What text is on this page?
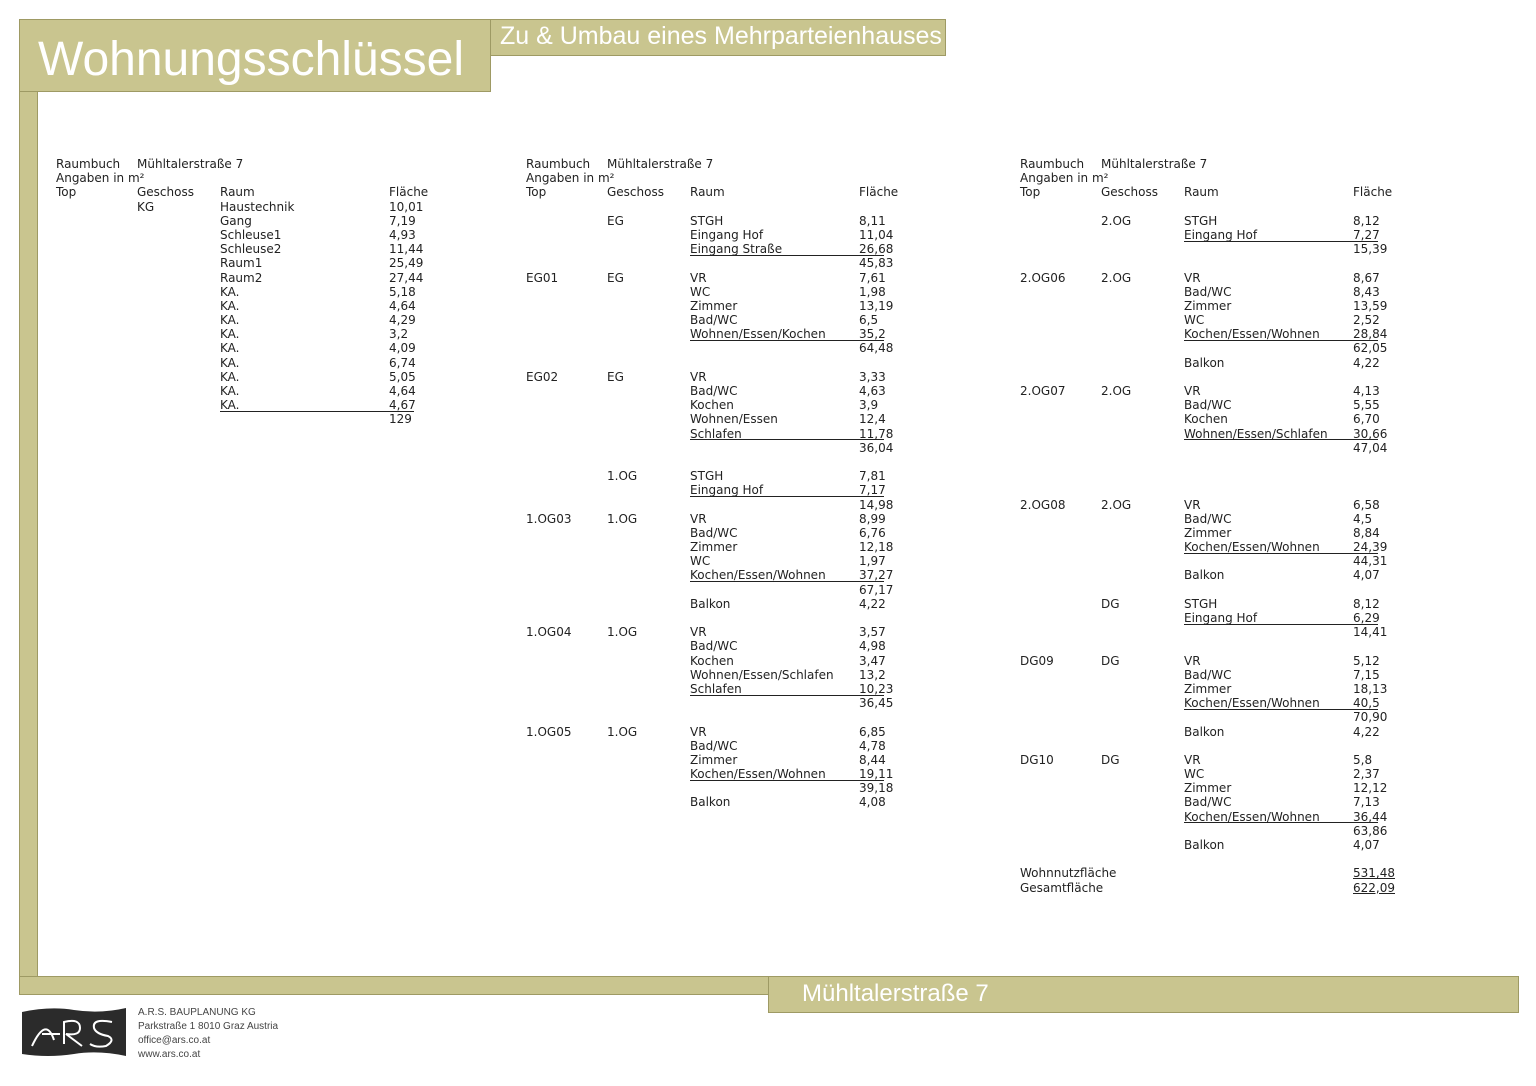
Wohnungsschlüssel Zu & Umbau eines Mehrparteienhauses
Mühltalerstraße 7
Raumbuch Mühltalerstraße 7
Angaben in m²
Top	Geschoss Raum	Fläche
KG	Haustechnik	10,01
Gang	7,19
Schleuse1	4,93
Schleuse2	11,44
Raum1	25,49
Raum2	27,44
KA.	5,18
KA.	4,64
KA.	4,29
KA.	3,2
KA.	4,09
KA.	6,74
KA.	5,05
KA.	4,64
KA.	4,67
129
Raumbuch Mühltalerstraße 7
Angaben in m²
Top	Geschoss Raum	Fläche
EG	STGH	8,11
Eingang Hof	11,04
Eingang Straße	26,68
45,83
EG01	EG	VR	7,61
WC	1,98
Zimmer	13,19
Bad/WC	6,5
Wohnen/Essen/Kochen	35,2
64,48
EG02	EG	VR	3,33
Bad/WC	4,63
Kochen	3,9
Wohnen/Essen	12,4
Schlafen	11,78
36,04
1.OG	STGH	7,81
Eingang Hof	7,17
14,98
1.OG03	1.OG	VR	8,99
Bad/WC	6,76
Zimmer	12,18
WC	1,97
Kochen/Essen/Wohnen	37,27
67,17
Balkon	4,22
1.OG04	1.OG	VR	3,57
Bad/WC	4,98
Kochen	3,47
Wohnen/Essen/Schlafen 13,2
Schlafen	10,23
36,45
1.OG05	1.OG	VR	6,85
Bad/WC	4,78
Zimmer	8,44
Kochen/Essen/Wohnen	19,11
39,18
Balkon	4,08
Raumbuch Mühltalerstraße 7
Angaben in m²
Top	Geschoss Raum	Fläche
2.OG	STGH	8,12
Eingang Hof	7,27
15,39
2.OG06	2.OG	VR	8,67
Bad/WC	8,43
Zimmer	13,59
WC	2,52
Kochen/Essen/Wohnen	28,84
62,05
Balkon	4,22
2.OG07	2.OG	VR	4,13
Bad/WC	5,55
Kochen	6,70
Wohnen/Essen/Schlafen 30,66
47,04
2.OG08	2.OG	VR	6,58
Bad/WC	4,5
Zimmer	8,84
Kochen/Essen/Wohnen	24,39
44,31
Balkon	4,07
DG	STGH	8,12
Eingang Hof	6,29
14,41
DG09	DG	VR	5,12
Bad/WC	7,15
Zimmer	18,13
Kochen/Essen/Wohnen	40,5
70,90
Balkon	4,22
DG10	DG	VR	5,8
WC	2,37
Zimmer	12,12
Bad/WC	7,13
Kochen/Essen/Wohnen	36,44
63,86
Balkon	4,07
Wohnnutzfläche	531,48
Gesamtfläche	622,09
A.R.S. BAUPLANUNG KG
Parkstraße 1 8010 Graz Austria
office@ars.co.at
www.ars.co.at
